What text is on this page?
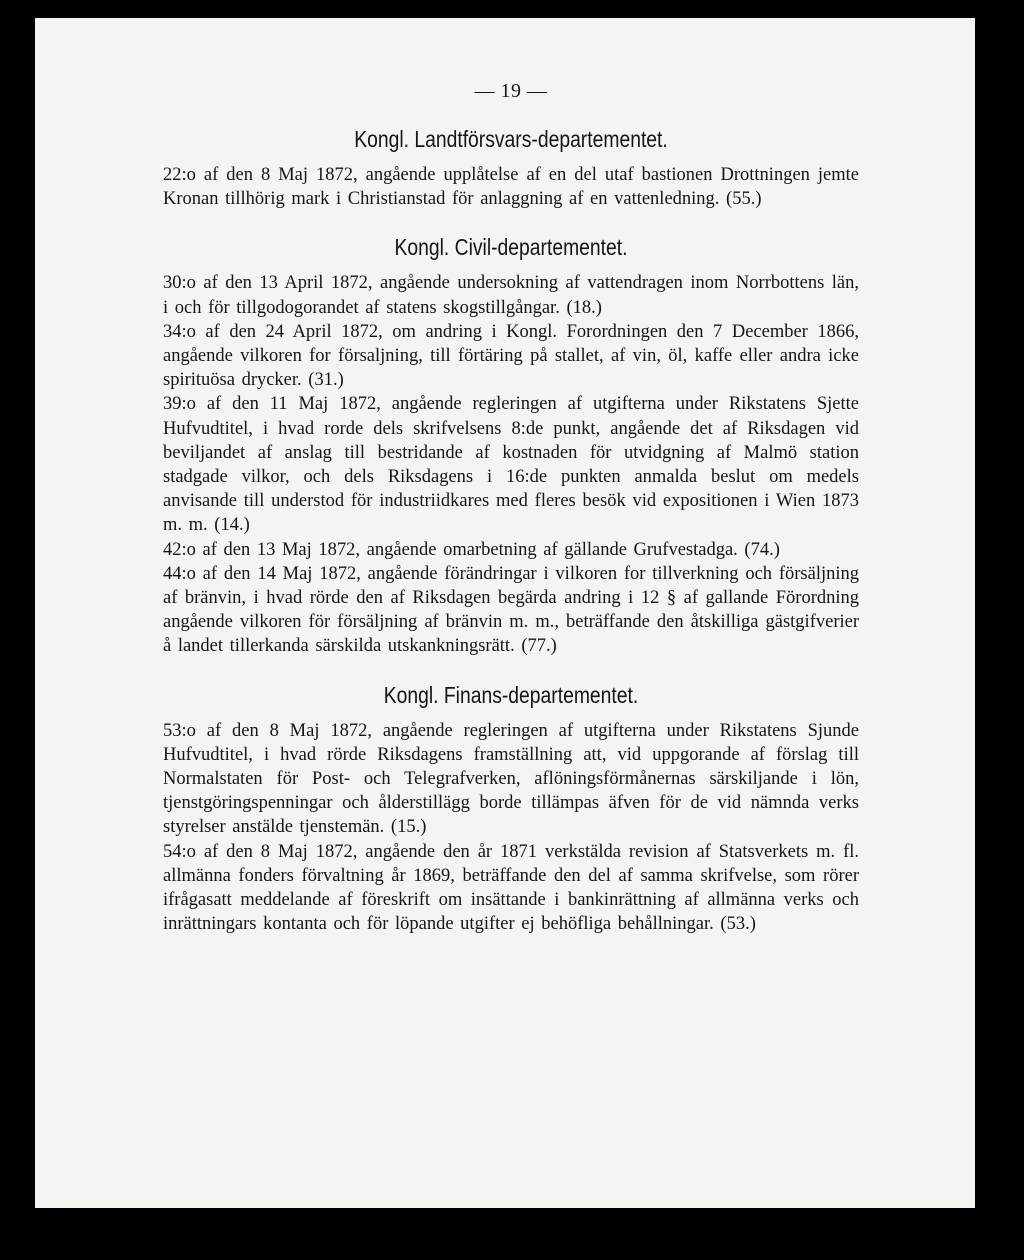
— 19 —
Kongl. Landtförsvars-departementet.

22:o af den 8 Maj 1872, angående upplåtelse af en del utaf bastionen Drottningen jemte Kronan tillhörig mark i Christianstad för anlaggning af en vattenledning. (55.)

Kongl. Civil-departementet.

30:o af den 13 April 1872, angående undersokning af vattendragen inom Norrbottens län, i och för tillgodogorandet af statens skogstillgångar. (18.)

34:o af den 24 April 1872, om andring i Kongl. Forordningen den 7 December 1866, angående vilkoren for försaljning, till förtäring på stallet, af vin, öl, kaffe eller andra icke spirituösa drycker. (31.)

39:o af den 11 Maj 1872, angående regleringen af utgifterna under Rikstatens Sjette Hufvudtitel, i hvad rorde dels skrifvelsens 8:de punkt, angående det af Riksdagen vid beviljandet af anslag till bestridande af kostnaden för utvidgning af Malmö station stadgade vilkor, och dels Riksdagens i 16:de punkten anmalda beslut om medels anvisande till understod för industriidkares med fleres besök vid expositionen i Wien 1873 m. m. (14.)

42:o af den 13 Maj 1872, angående omarbetning af gällande Grufvestadga. (74.)

44:o af den 14 Maj 1872, angående förändringar i vilkoren for tillverkning och försäljning af bränvin, i hvad rörde den af Riksdagen begärda andring i 12 § af gallande Förordning angående vilkoren för försäljning af bränvin m. m., beträffande den åtskilliga gästgifverier å landet tillerkanda särskilda utskankningsrätt. (77.)

Kongl. Finans-departementet.

53:o af den 8 Maj 1872, angående regleringen af utgifterna under Rikstatens Sjunde Hufvudtitel, i hvad rörde Riksdagens framställning att, vid uppgorande af förslag till Normalstaten för Post- och Telegrafverken, aflöningsförmånernas särskiljande i lön, tjenstgöringspenningar och ålderstillägg borde tillämpas äfven för de vid nämnda verks styrelser anstälde tjenstemän. (15.)

54:o af den 8 Maj 1872, angående den år 1871 verkstälda revision af Statsverkets m. fl. allmänna fonders förvaltning år 1869, beträffande den del af samma skrifvelse, som rörer ifrågasatt meddelande af föreskrift om insättande i bankinrättning af allmänna verks och inrättningars kontanta och för löpande utgifter ej behöfliga behållningar. (53.)
